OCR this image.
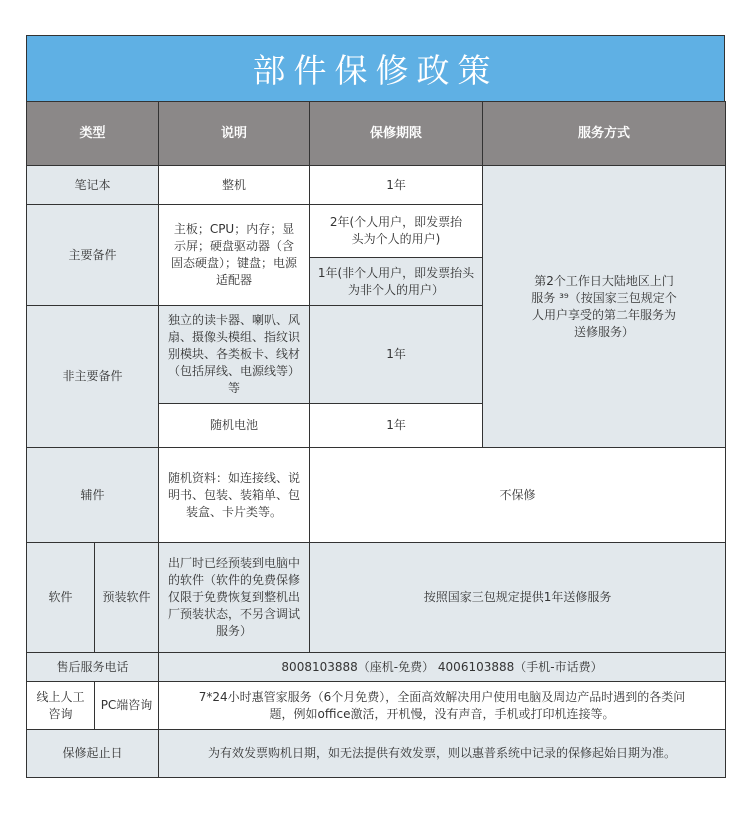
部件保修政策
类型		说明	保修期限	服务方式
笔记本		整机	1年	第2个工作日大陆地区上门服务 ³⁹（按国家三包规定个人用户享受的第二年服务为送修服务）
主要备件		主板；CPU；内存；显示屏；硬盘驱动器（含固态硬盘）；键盘；电源适配器	2年(个人用户，即发票抬头为个人的用户)	
			1年(非个人用户，即发票抬头为非个人的用户）	
非主要备件		独立的读卡器、喇叭、风扇、摄像头模组、指纹识别模块、各类板卡、线材（包括屏线、电源线等）等	1年	
		随机电池	1年	
辅件		随机资料：如连接线、说明书、包装、装箱单、包装盒、卡片类等。	不保修	
软件	预装软件	出厂时已经预装到电脑中的软件（软件的免费保修仅限于免费恢复到整机出厂预装状态，不另含调试服务）	按照国家三包规定提供1年送修服务	
售后服务电话		8008103888（座机-免费） 4006103888（手机-市话费）		
线上人工咨询	PC端咨询	7*24小时惠管家服务（6个月免费），全面高效解决用户使用电脑及周边产品时遇到的各类问题，例如office激活，开机慢，没有声音，手机或打印机连接等。		
保修起止日		为有效发票购机日期，如无法提供有效发票，则以惠普系统中记录的保修起始日期为准。		
